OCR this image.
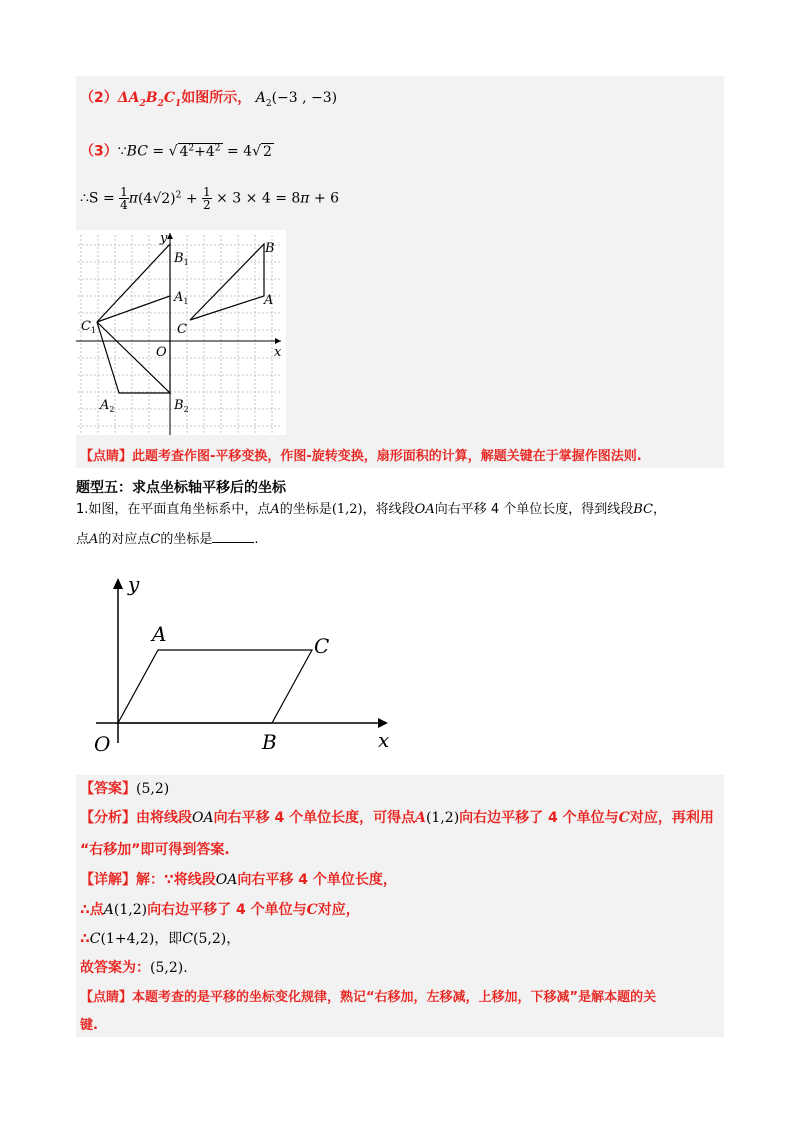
$(2)\Delta A_2B_2C_1$如图所示， $A_2(-3$ , −3)
（3）∵BC = √ $4^2+4^2 = 4√$ 2
∴S = $\frac{1}{4} \pi(4√2)^2 + \frac{1}{2} \times 3 \times 4 = 8\pi + 6$
y
x
O
$B_1$
$A_1$
$C_1$	C
A
B
$A_2$	$B_2$
【点睛】此题考查作图-平移变换，作图-旋转变换，扇形面积的计算，解题关键在于掌握作图法则.
题型五：求点坐标轴平移后的坐标
1.如图，在平面直角坐标系中，点A的坐标是(1,2)，将线段OA向右平移 4 个单位长度，得到线段BC，
点A的对应点C的坐标是	.
y
x
O
A	C
B
【答案】(5,2)
【分析】由将线段OA向右平移 4 个单位长度，可得点A(1,2)向右边平移了 4 个单位与C对应，再利用
“右移加”即可得到答案.
【详解】解：∵将线段OA向右平移 4 个单位长度，
∴点A(1,2)向右边平移了 4 个单位与C对应，
∴C(1+4,2)，即C(5,2)，
故答案为：(5,2).
【点睛】本题考查的是平移的坐标变化规律，熟记“右移加，左移减，上移加，下移减”是解本题的关
键.
